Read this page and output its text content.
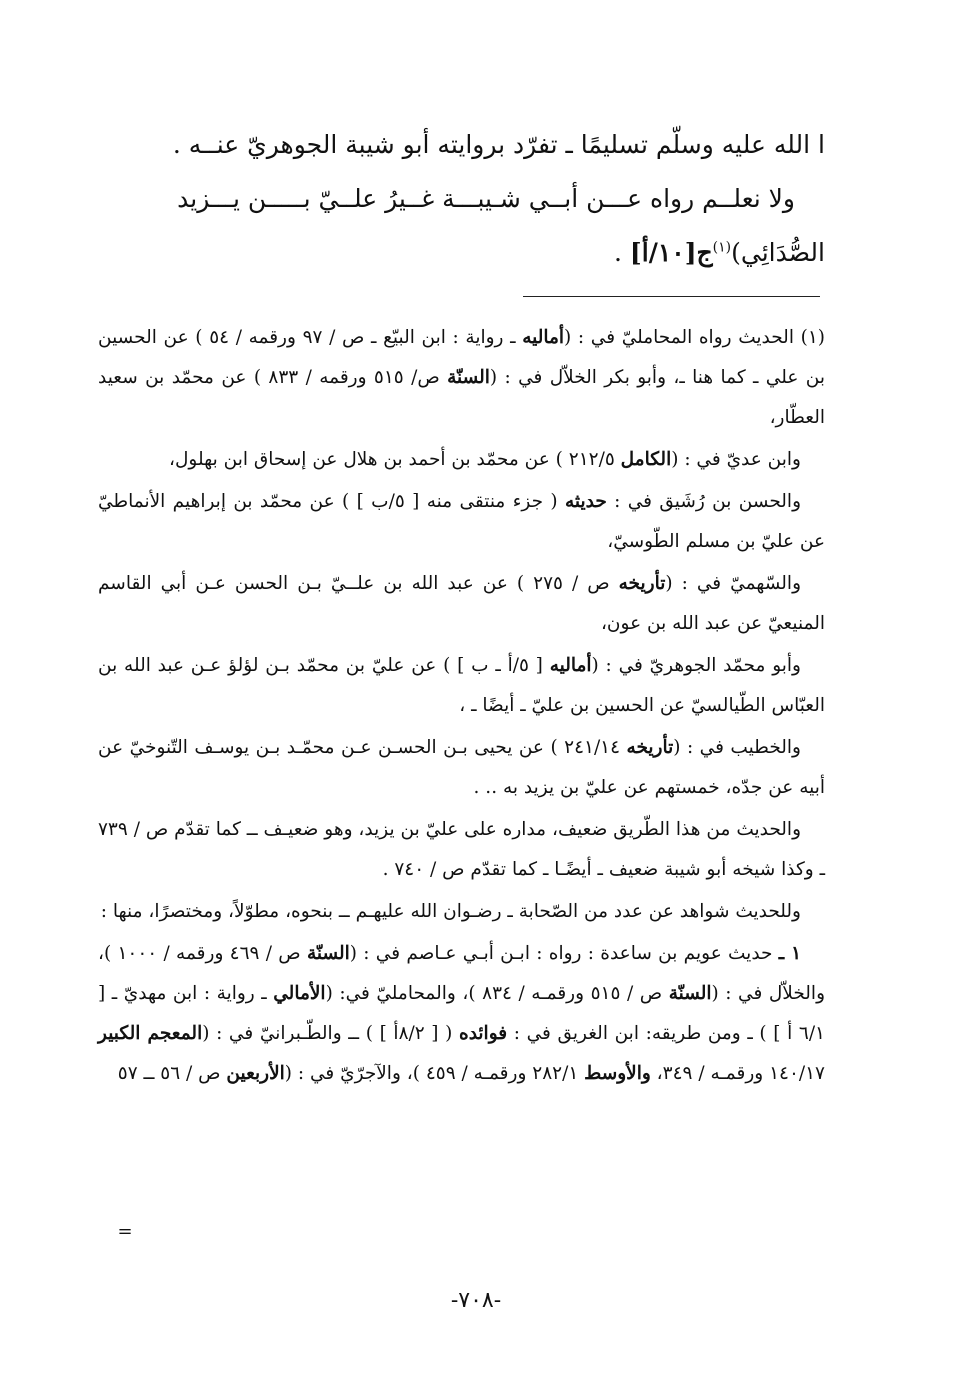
ا الله عليه وسلّم تسليمًا ـ تفرّد بروايته أبو شيبة الجوهريّ عنــه .

ولا نعلــم رواه عـــن أبــي شـيبـــة غــيرُ علــيّ بـــــن يـــزيد

الصُّدَائِي)$^{(١)}$ج[١٠/أ] .

(١) الحديث رواه المحامليّ في : (أماليه ـ رواية : ابن البيّع ـ ص / ٩٧ ورقمه / ٥٤ ) عن الحسين بن علي ـ كما هنا ـ، وأبو بكر الخلاّل في : (السنّة ص/ ٥١٥ ورقمه / ٨٣٣ ) عن محمّد بن سعيد العطّار،

وابن عديّ في : (الكامل ٢١٢/٥ ) عن محمّد بن أحمد بن هلال عن إسحاق ابن بهلول،

والحسن بن رُشَيق في : حديثه ( جزء منتقى منه [ ٥/ب ] ) عن محمّد بن إبراهيم الأنماطيّ عن عليّ بن مسلم الطّوسيّ،

والسّهميّ في : (تأريخه ص / ٢٧٥ ) عن عبد الله بن علــيّ بـن الحسن عـن أبي القاسم المنيعيّ عن عبد الله بن عون،

وأبو محمّد الجوهريّ في : (أماليه [ ٥/أ ـ ب ] ) عن عليّ بن محمّد بـن لؤلؤ عـن عبد الله بن العبّاس الطّيالسيّ عن الحسين بن عليّ ـ أيضًا ـ ،

والخطيب في : (تأريخه ٢٤١/١٤ ) عن يحيى بـن الحسـن عـن محمّـد بـن يوسـف التّنوخيّ عن أبيه عن جدّه، خمستهم عن عليّ بن يزيد به .. .

والحديث من هذا الطّريق ضعيف، مداره على عليّ بن يزيد، وهو ضعيـف ــ كما تقدّم ص / ٧٣٩ ـ وكذا شيخه أبو شيبة ضعيف ـ أيضًـا ـ كما تقدّم ص / ٧٤٠ .

وللحديث شواهد عن عدد من الصّحابة ـ رضـوان الله عليهـم ــ بنحوه، مطوّلاً، ومختصرًا، منها :

١ ـ حديث عويم بن ساعدة : رواه : ابـن أبـي عـاصم في : (السنّة ص / ٤٦٩ ورقمه / ١٠٠٠ )، والخلاّل في : (السنّة ص / ٥١٥ ورقمـه / ٨٣٤ )، والمحامليّ في: (الأمالي ـ رواية : ابن مهديّ ـ [ ٦/١ أ ] ) ـ ومن طريقه: ابن الغريق في : فوائده ( [ ٨/٢أ ] ) ــ والطّـبرانيّ في : (المعجم الكبير ١٤٠/١٧ ورقمـه / ٣٤٩، والأوسط ٢٨٢/١ ورقمـه / ٤٥٩ )، والآجرّيّ في : (الأربعين ص / ٥٦ ــ ٥٧

=
-٧٠٨-
